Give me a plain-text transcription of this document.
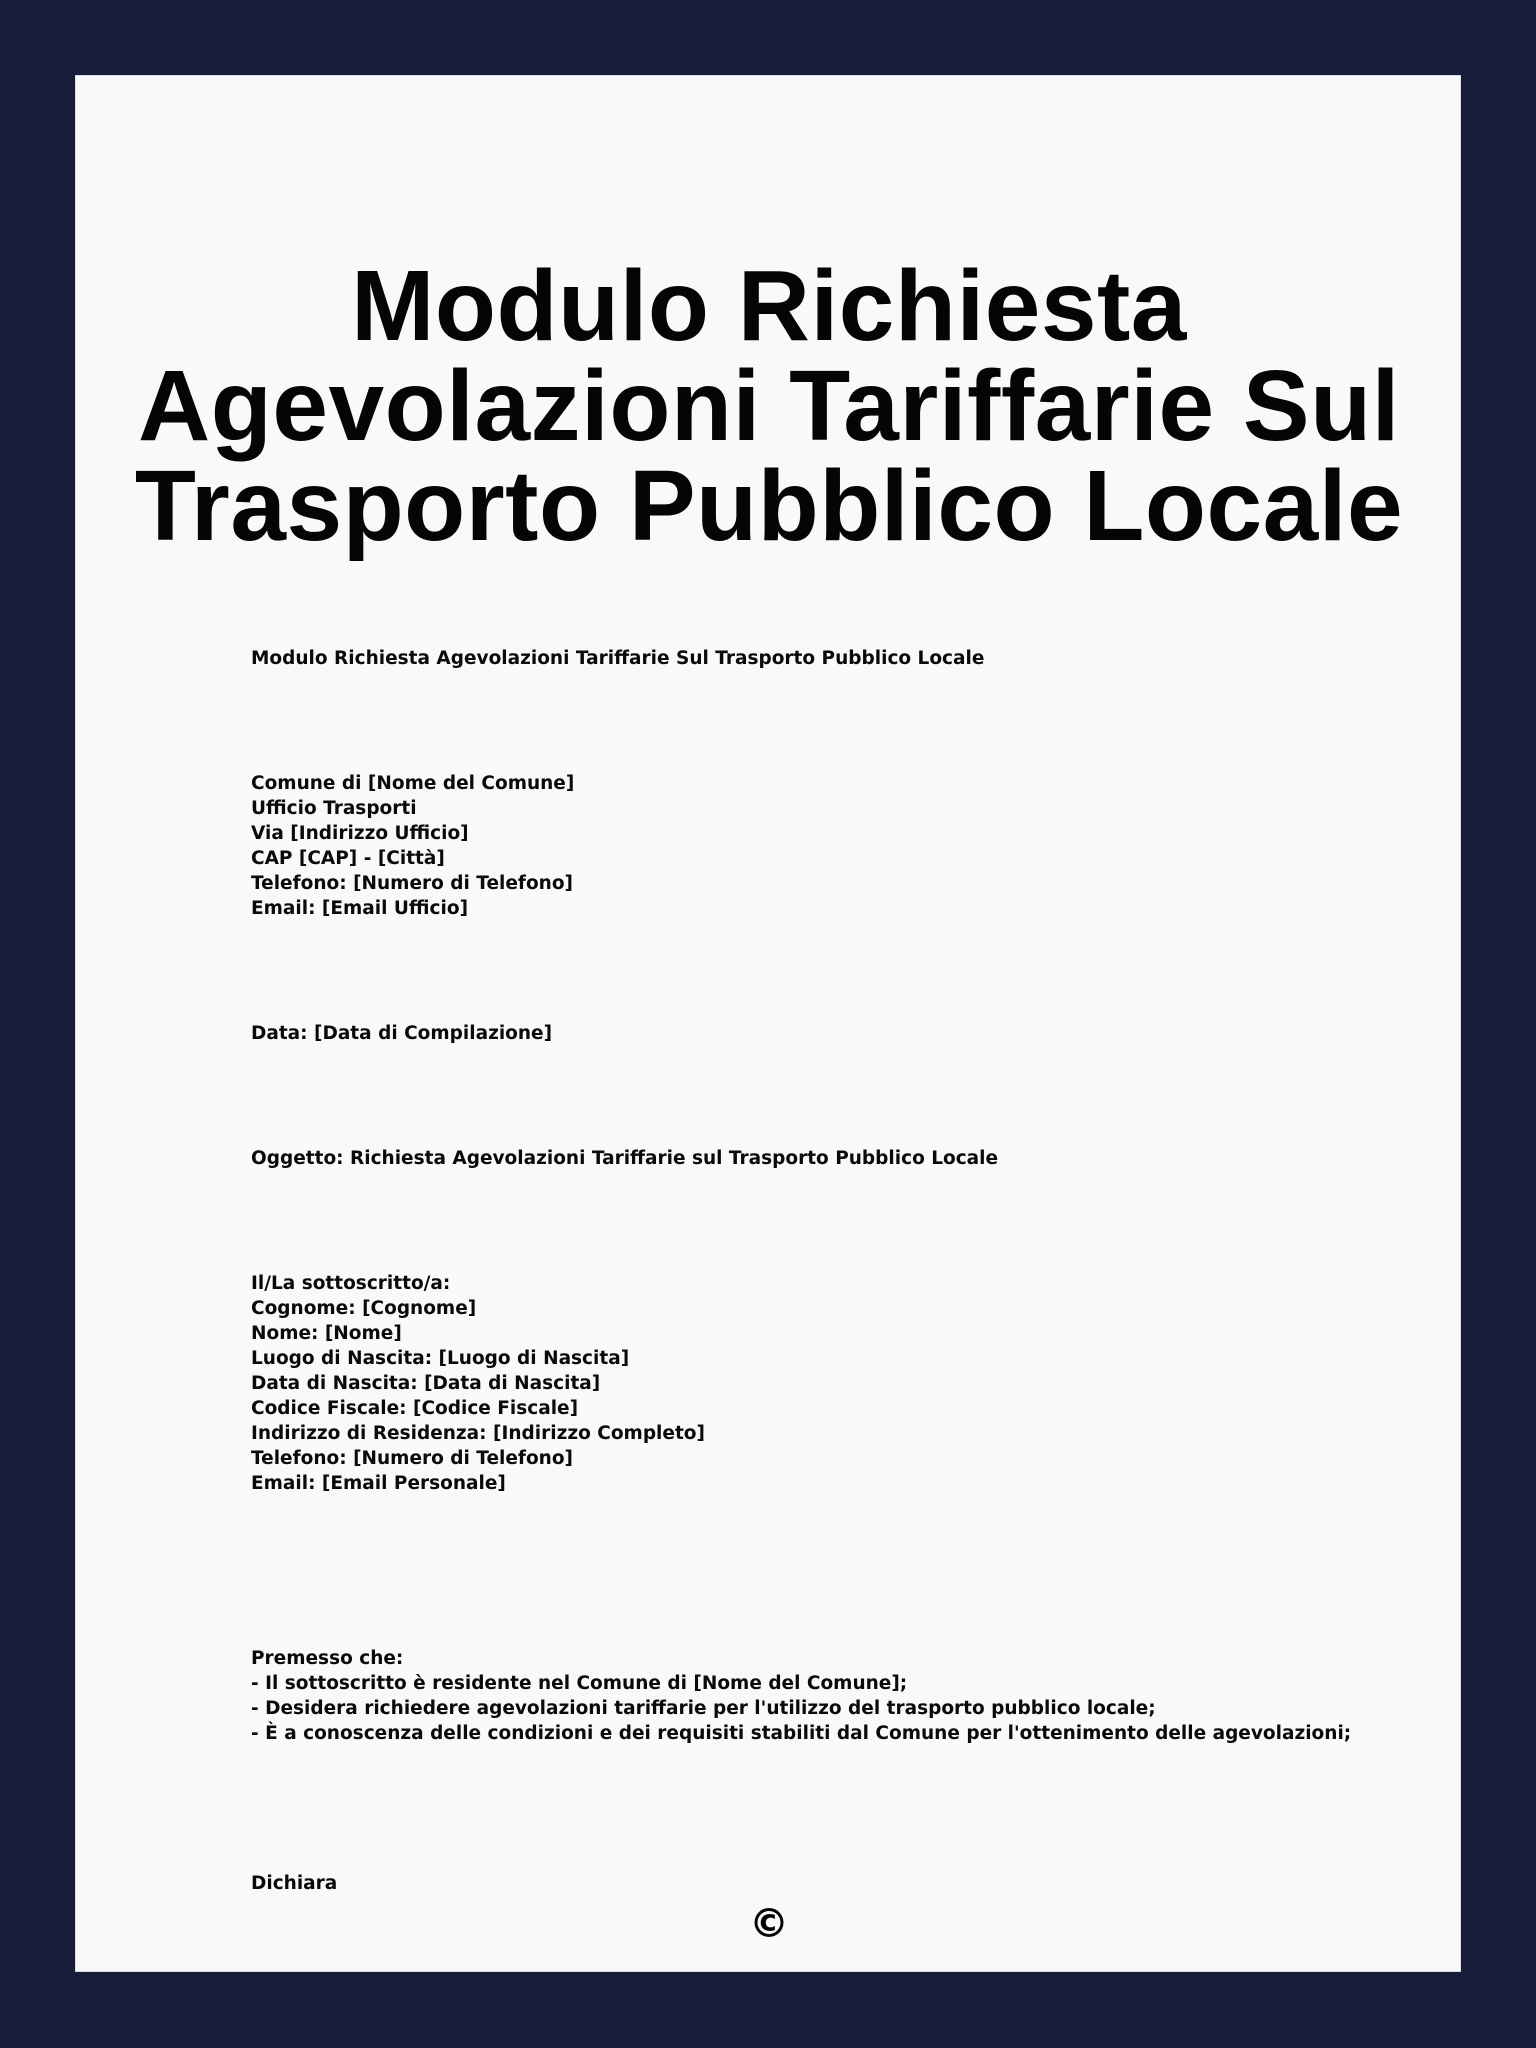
Modulo Richiesta
Agevolazioni Tariffarie Sul
Trasporto Pubblico Locale
Modulo Richiesta Agevolazioni Tariffarie Sul Trasporto Pubblico Locale
Comune di [Nome del Comune]
Ufficio Trasporti
Via [Indirizzo Ufficio]
CAP [CAP] - [Città]
Telefono: [Numero di Telefono]
Email: [Email Ufficio]
Data: [Data di Compilazione]
Oggetto: Richiesta Agevolazioni Tariffarie sul Trasporto Pubblico Locale
Il/La sottoscritto/a:
Cognome: [Cognome]
Nome: [Nome]
Luogo di Nascita: [Luogo di Nascita]
Data di Nascita: [Data di Nascita]
Codice Fiscale: [Codice Fiscale]
Indirizzo di Residenza: [Indirizzo Completo]
Telefono: [Numero di Telefono]
Email: [Email Personale]
Premesso che:
- Il sottoscritto è residente nel Comune di [Nome del Comune];
- Desidera richiedere agevolazioni tariffarie per l'utilizzo del trasporto pubblico locale;
- È a conoscenza delle condizioni e dei requisiti stabiliti dal Comune per l'ottenimento delle agevolazioni;
Dichiara
©
